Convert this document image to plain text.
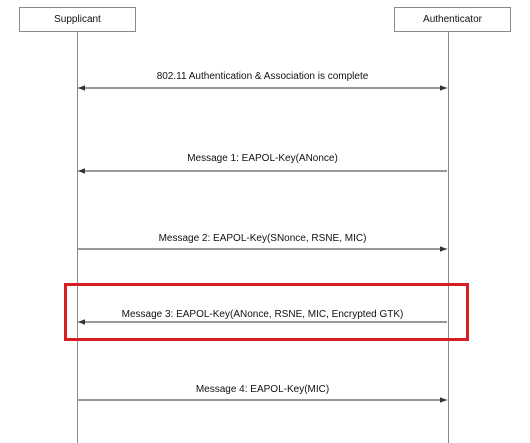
Supplicant	Authenticator
802.11 Authentication & Association is complete
Message 1: EAPOL-Key(ANonce)
Message 2: EAPOL-Key(SNonce, RSNE, MIC)
Message 3: EAPOL-Key(ANonce, RSNE, MIC, Encrypted GTK)
Message 4: EAPOL-Key(MIC)
